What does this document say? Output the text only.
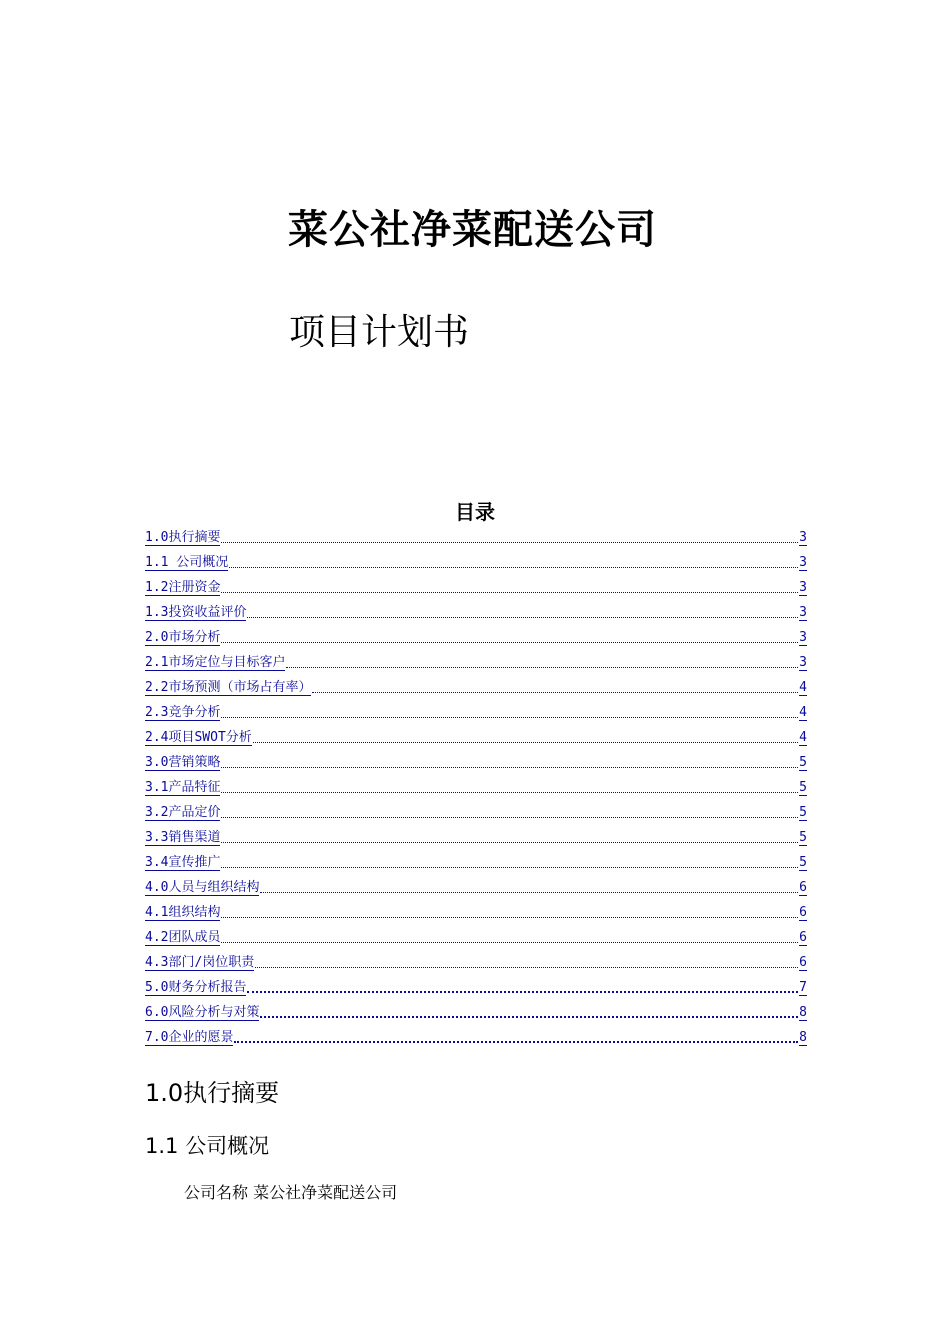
菜公社净菜配送公司
项目计划书
目录
1.0执行摘要	3
1.1 公司概况	3
1.2注册资金	3
1.3投资收益评价	3
2.0市场分析	3
2.1市场定位与目标客户	3
2.2市场预测（市场占有率）	4
2.3竞争分析	4
2.4项目SWOT分析	4
3.0营销策略	5
3.1产品特征	5
3.2产品定价	5
3.3销售渠道	5
3.4宣传推广	5
4.0人员与组织结构	6
4.1组织结构	6
4.2团队成员	6
4.3部门/岗位职责	6
5.0财务分析报告	7
6.0风险分析与对策	8
7.0企业的愿景	8
1.0执行摘要
1.1 公司概况
公司名称 菜公社净菜配送公司
